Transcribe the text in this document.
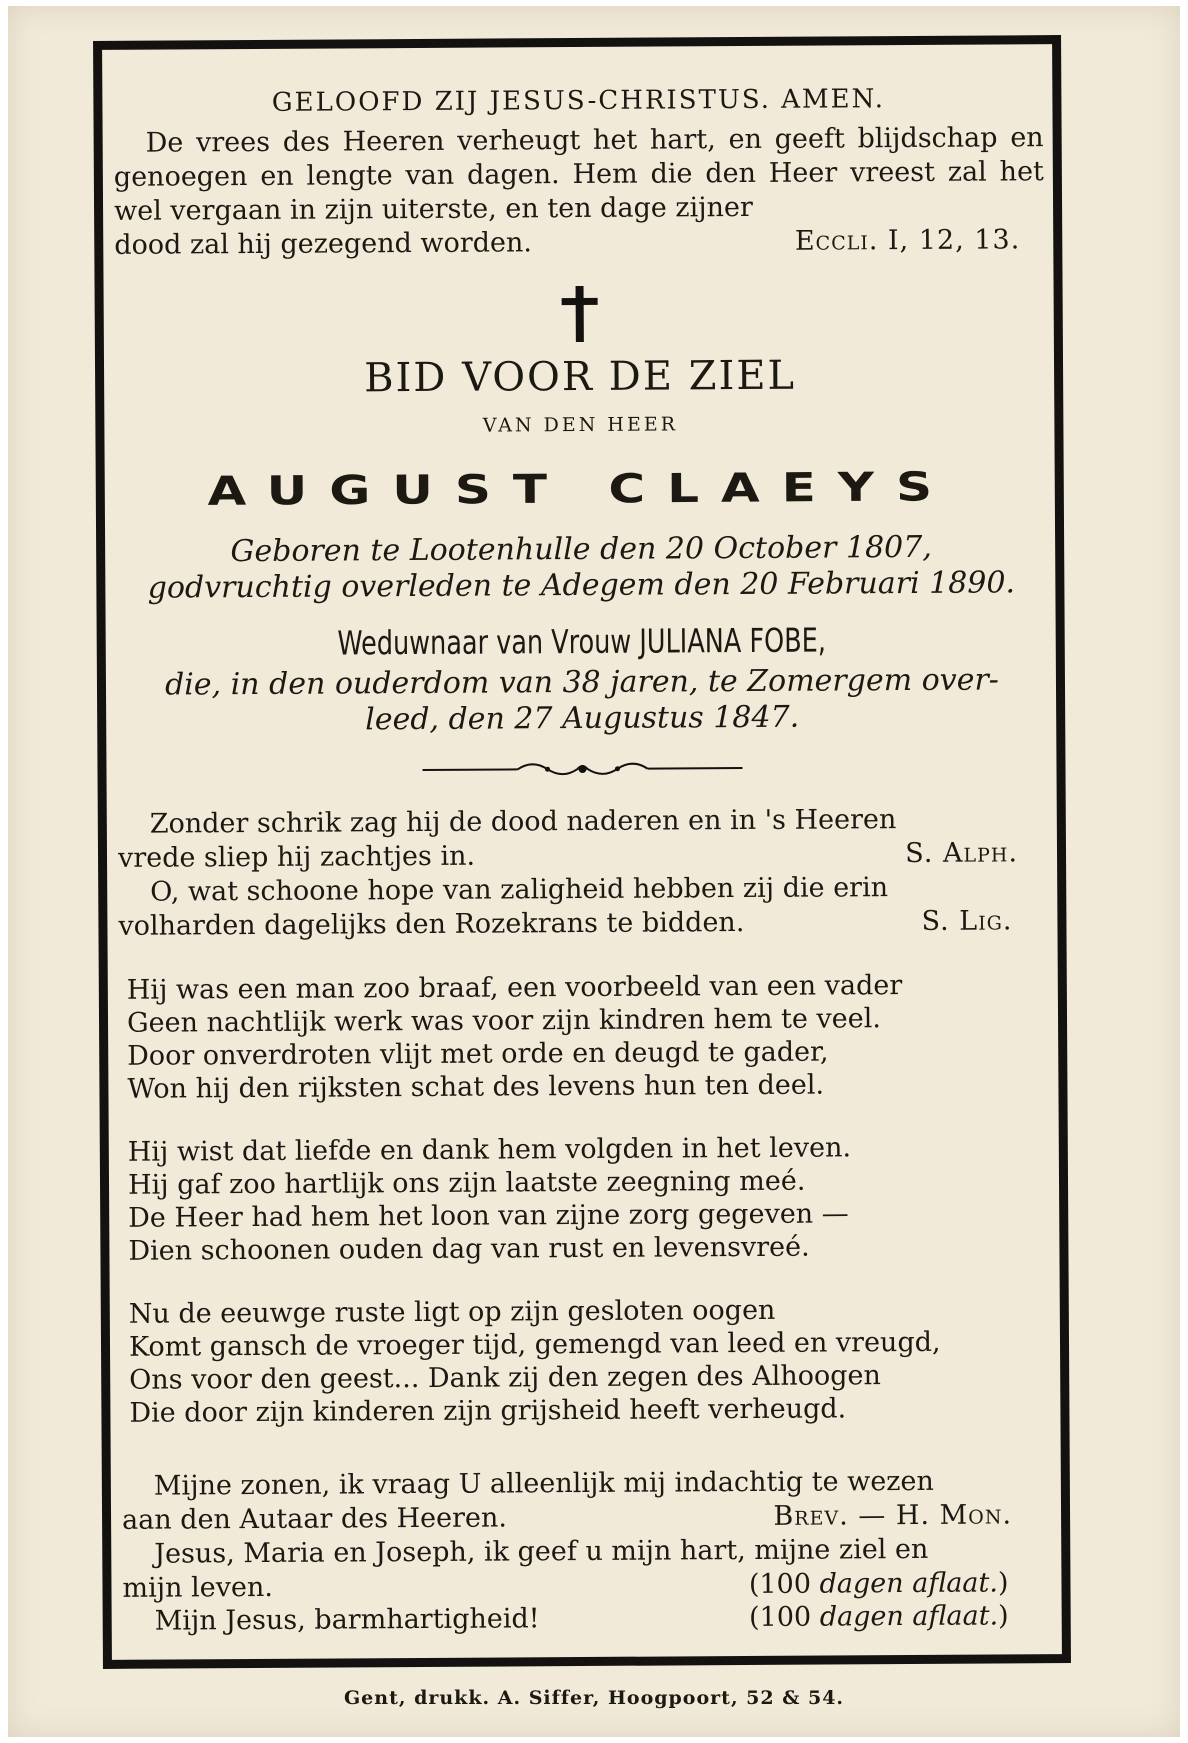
GELOOFD ZIJ JESUS-CHRISTUS. AMEN.

De vrees des Heeren verheugt het hart, en geeft blijdschap en genoegen en lengte van dagen. Hem die den Heer vreest zal het wel vergaan in zijn uiterste, en ten dage zijner

dood zal hij gezegend worden.	Eccli. I, 12, 13.
BID VOOR DE ZIEL
VAN DEN HEER
AUGUST CLAEYS
Geboren te Lootenhulle den 20 October 1807,
godvruchtig overleden te Adegem den 20 Februari 1890.
Weduwnaar van Vrouw JULIANA FOBE,
die, in den ouderdom van 38 jaren, te Zomergem over-
leed, den 27 Augustus 1847.
Zonder schrik zag hij de dood naderen en in 's Heeren
vrede sliep hij zachtjes in.	S. Alph.
O, wat schoone hope van zaligheid hebben zij die erin
volharden dagelijks den Rozekrans te bidden.	S. Lig.
Hij was een man zoo braaf, een voorbeeld van een vader
Geen nachtlijk werk was voor zijn kindren hem te veel.
Door onverdroten vlijt met orde en deugd te gader,
Won hij den rijksten schat des levens hun ten deel.
Hij wist dat liefde en dank hem volgden in het leven.
Hij gaf zoo hartlijk ons zijn laatste zeegning meé.
De Heer had hem het loon van zijne zorg gegeven —
Dien schoonen ouden dag van rust en levensvreé.
Nu de eeuwge ruste ligt op zijn gesloten oogen
Komt gansch de vroeger tijd, gemengd van leed en vreugd,
Ons voor den geest... Dank zij den zegen des Alhoogen
Die door zijn kinderen zijn grijsheid heeft verheugd.
Mijne zonen, ik vraag U alleenlijk mij indachtig te wezen
aan den Autaar des Heeren.	Brev. — H. Mon.
Jesus, Maria en Joseph, ik geef u mijn hart, mijne ziel en
mijn leven.	(100 dagen aflaat.)
Mijn Jesus, barmhartigheid!	(100 dagen aflaat.)
Gent, drukk. A. Siffer, Hoogpoort, 52 & 54.
